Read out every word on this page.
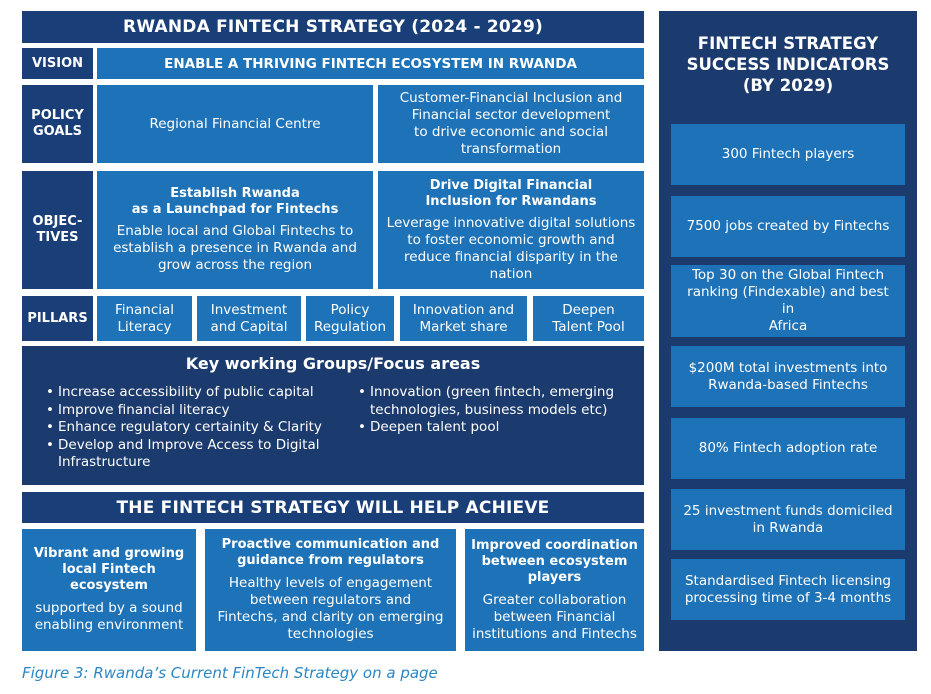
RWANDA FINTECH STRATEGY (2024 - 2029)
VISION	ENABLE A THRIVING FINTECH ECOSYSTEM IN RWANDA
POLICY
GOALS	Regional Financial Centre
Customer-Financial Inclusion and
Financial sector development
to drive economic and social
transformation
OBJEC-
TIVES
Establish Rwanda
as a Launchpad for Fintechs
Enable local and Global Fintechs to
establish a presence in Rwanda and
grow across the region
Drive Digital Financial
Inclusion for Rwandans
Leverage innovative digital solutions
to foster economic growth and
reduce financial disparity in the
nation
PILLARS
Financial
Literacy
Investment
and Capital
Policy
Regulation
Innovation and
Market share
Deepen
Talent Pool
Key working Groups/Focus areas
• Increase accessibility of public capital
• Improve financial literacy
• Enhance regulatory certainity & Clarity
• Develop and Improve Access to Digital
Infrastructure
• Innovation (green fintech, emerging
technologies, business models etc)
• Deepen talent pool
THE FINTECH STRATEGY WILL HELP ACHIEVE
Vibrant and growing
local Fintech
ecosystem
supported by a sound
enabling environment
Proactive communication and
guidance from regulators
Healthy levels of engagement
between regulators and
Fintechs, and clarity on emerging
technologies
Improved coordination
between ecosystem
players
Greater collaboration
between Financial
institutions and Fintechs
FINTECH STRATEGY
SUCCESS INDICATORS
(BY 2029)
300 Fintech players
7500 jobs created by Fintechs
Top 30 on the Global Fintech
ranking (Findexable) and best in
Africa
$200M total investments into
Rwanda-based Fintechs
80% Fintech adoption rate
25 investment funds domiciled
in Rwanda
Standardised Fintech licensing
processing time of 3-4 months
Figure 3: Rwanda’s Current FinTech Strategy on a page
